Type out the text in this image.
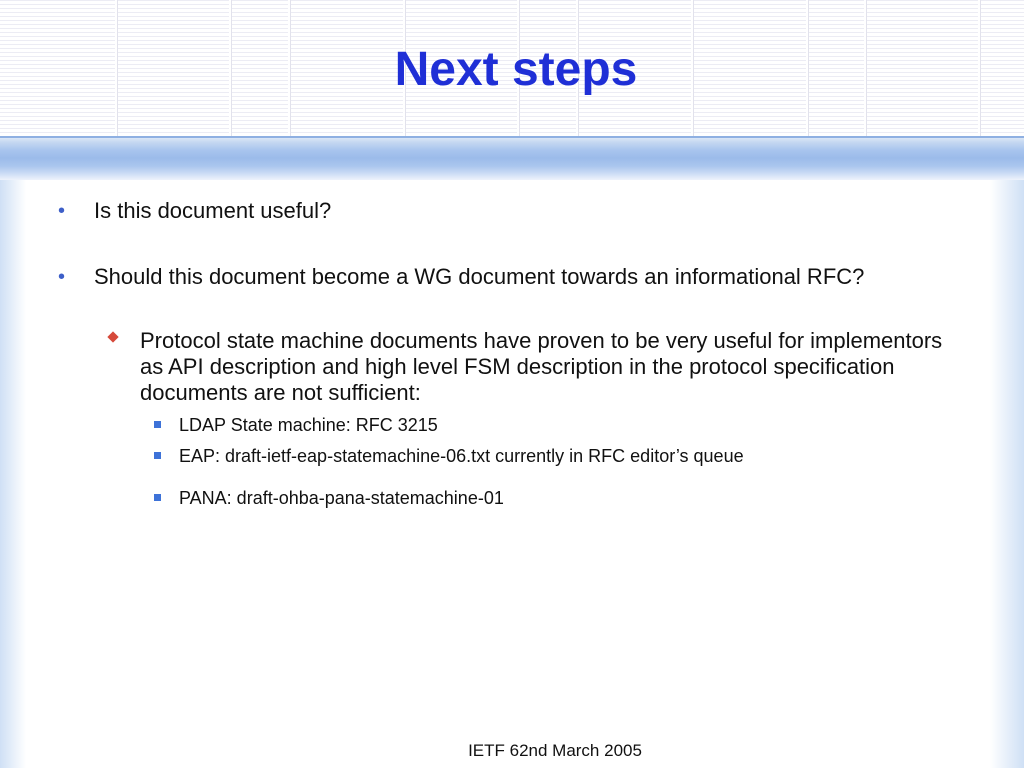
Next steps
• Is this document useful?
• Should this document become a WG document towards an informational RFC?
Protocol state machine documents have proven to be very useful for implementors as API description and high level FSM description in the protocol specification documents are not sufficient:
LDAP State machine: RFC 3215
EAP: draft-ietf-eap-statemachine-06.txt currently in RFC editor’s queue
PANA: draft-ohba-pana-statemachine-01
IETF 62nd March 2005
